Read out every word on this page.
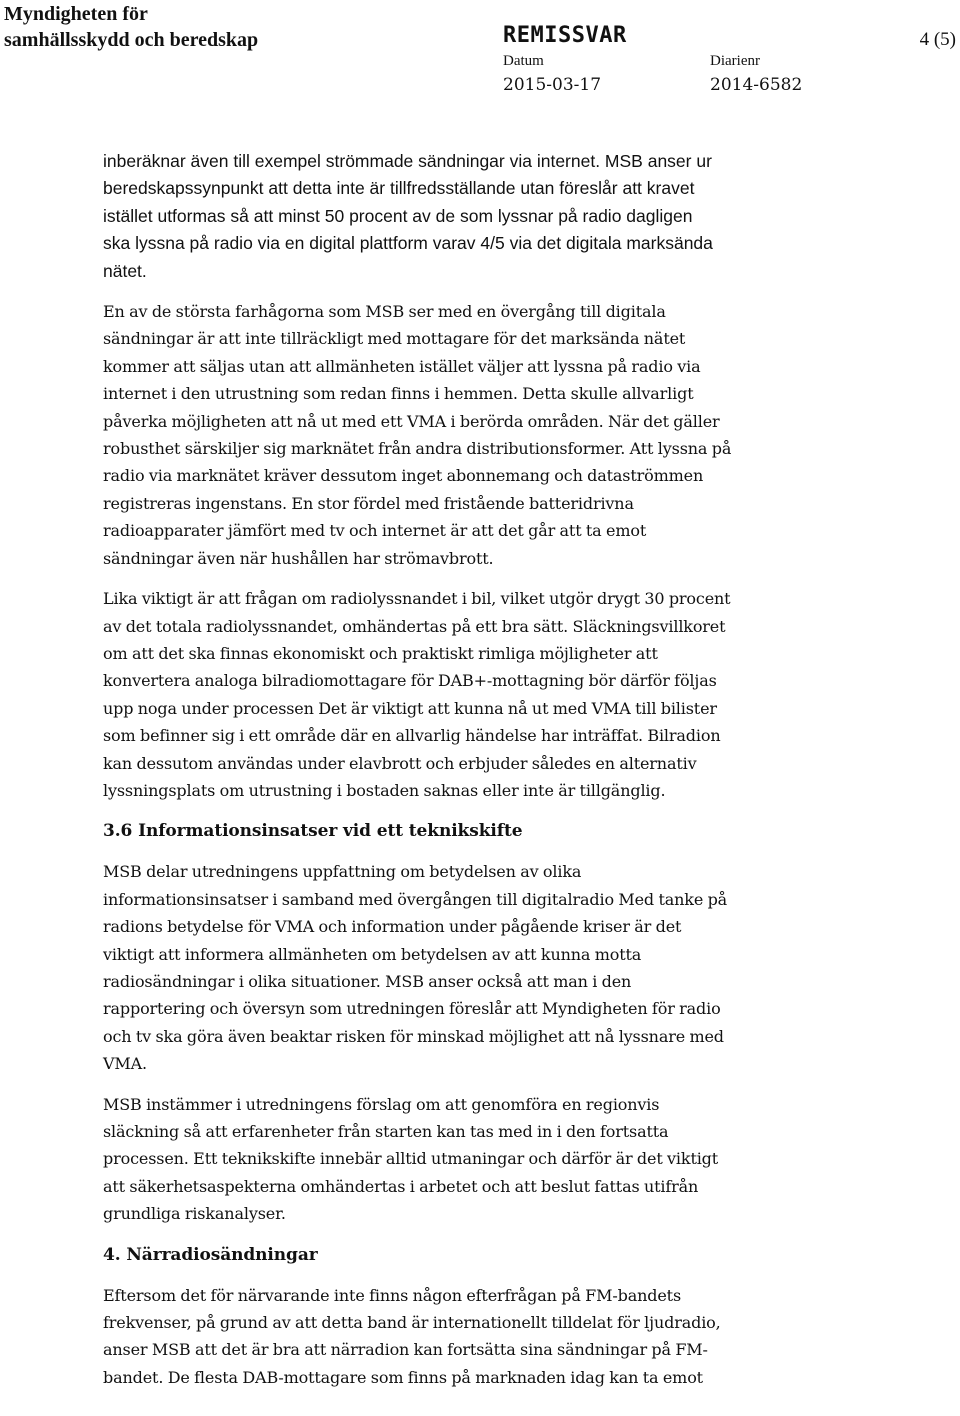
Myndigheten för
samhällsskydd och beredskap	REMISSVAR	4 (5)
Datum	Diarienr
2015-03-17	2014-6582

inberäknar även till exempel strömmade sändningar via internet. MSB anser ur
beredskapssynpunkt att detta inte är tillfredsställande utan föreslår att kravet
istället utformas så att minst 50 procent av de som lyssnar på radio dagligen
ska lyssna på radio via en digital plattform varav 4/5 via det digitala marksända
nätet.

En av de största farhågorna som MSB ser med en övergång till digitala
sändningar är att inte tillräckligt med mottagare för det marksända nätet
kommer att säljas utan att allmänheten istället väljer att lyssna på radio via
internet i den utrustning som redan finns i hemmen. Detta skulle allvarligt
påverka möjligheten att nå ut med ett VMA i berörda områden. När det gäller
robusthet särskiljer sig marknätet från andra distributionsformer. Att lyssna på
radio via marknätet kräver dessutom inget abonnemang och dataströmmen
registreras ingenstans. En stor fördel med fristående batteridrivna
radioapparater jämfört med tv och internet är att det går att ta emot
sändningar även när hushållen har strömavbrott.

Lika viktigt är att frågan om radiolyssnandet i bil, vilket utgör drygt 30 procent
av det totala radiolyssnandet, omhändertas på ett bra sätt. Släckningsvillkoret
om att det ska finnas ekonomiskt och praktiskt rimliga möjligheter att
konvertera analoga bilradiomottagare för DAB+-mottagning bör därför följas
upp noga under processen Det är viktigt att kunna nå ut med VMA till bilister
som befinner sig i ett område där en allvarlig händelse har inträffat. Bilradion
kan dessutom användas under elavbrott och erbjuder således en alternativ
lyssningsplats om utrustning i bostaden saknas eller inte är tillgänglig.

3.6 Informationsinsatser vid ett teknikskifte

MSB delar utredningens uppfattning om betydelsen av olika
informationsinsatser i samband med övergången till digitalradio Med tanke på
radions betydelse för VMA och information under pågående kriser är det
viktigt att informera allmänheten om betydelsen av att kunna motta
radiosändningar i olika situationer. MSB anser också att man i den
rapportering och översyn som utredningen föreslår att Myndigheten för radio
och tv ska göra även beaktar risken för minskad möjlighet att nå lyssnare med
VMA.

MSB instämmer i utredningens förslag om att genomföra en regionvis
släckning så att erfarenheter från starten kan tas med in i den fortsatta
processen. Ett teknikskifte innebär alltid utmaningar och därför är det viktigt
att säkerhetsaspekterna omhändertas i arbetet och att beslut fattas utifrån
grundliga riskanalyser.

4. Närradiosändningar

Eftersom det för närvarande inte finns någon efterfrågan på FM-bandets
frekvenser, på grund av att detta band är internationellt tilldelat för ljudradio,
anser MSB att det är bra att närradion kan fortsätta sina sändningar på FM-
bandet. De flesta DAB-mottagare som finns på marknaden idag kan ta emot
